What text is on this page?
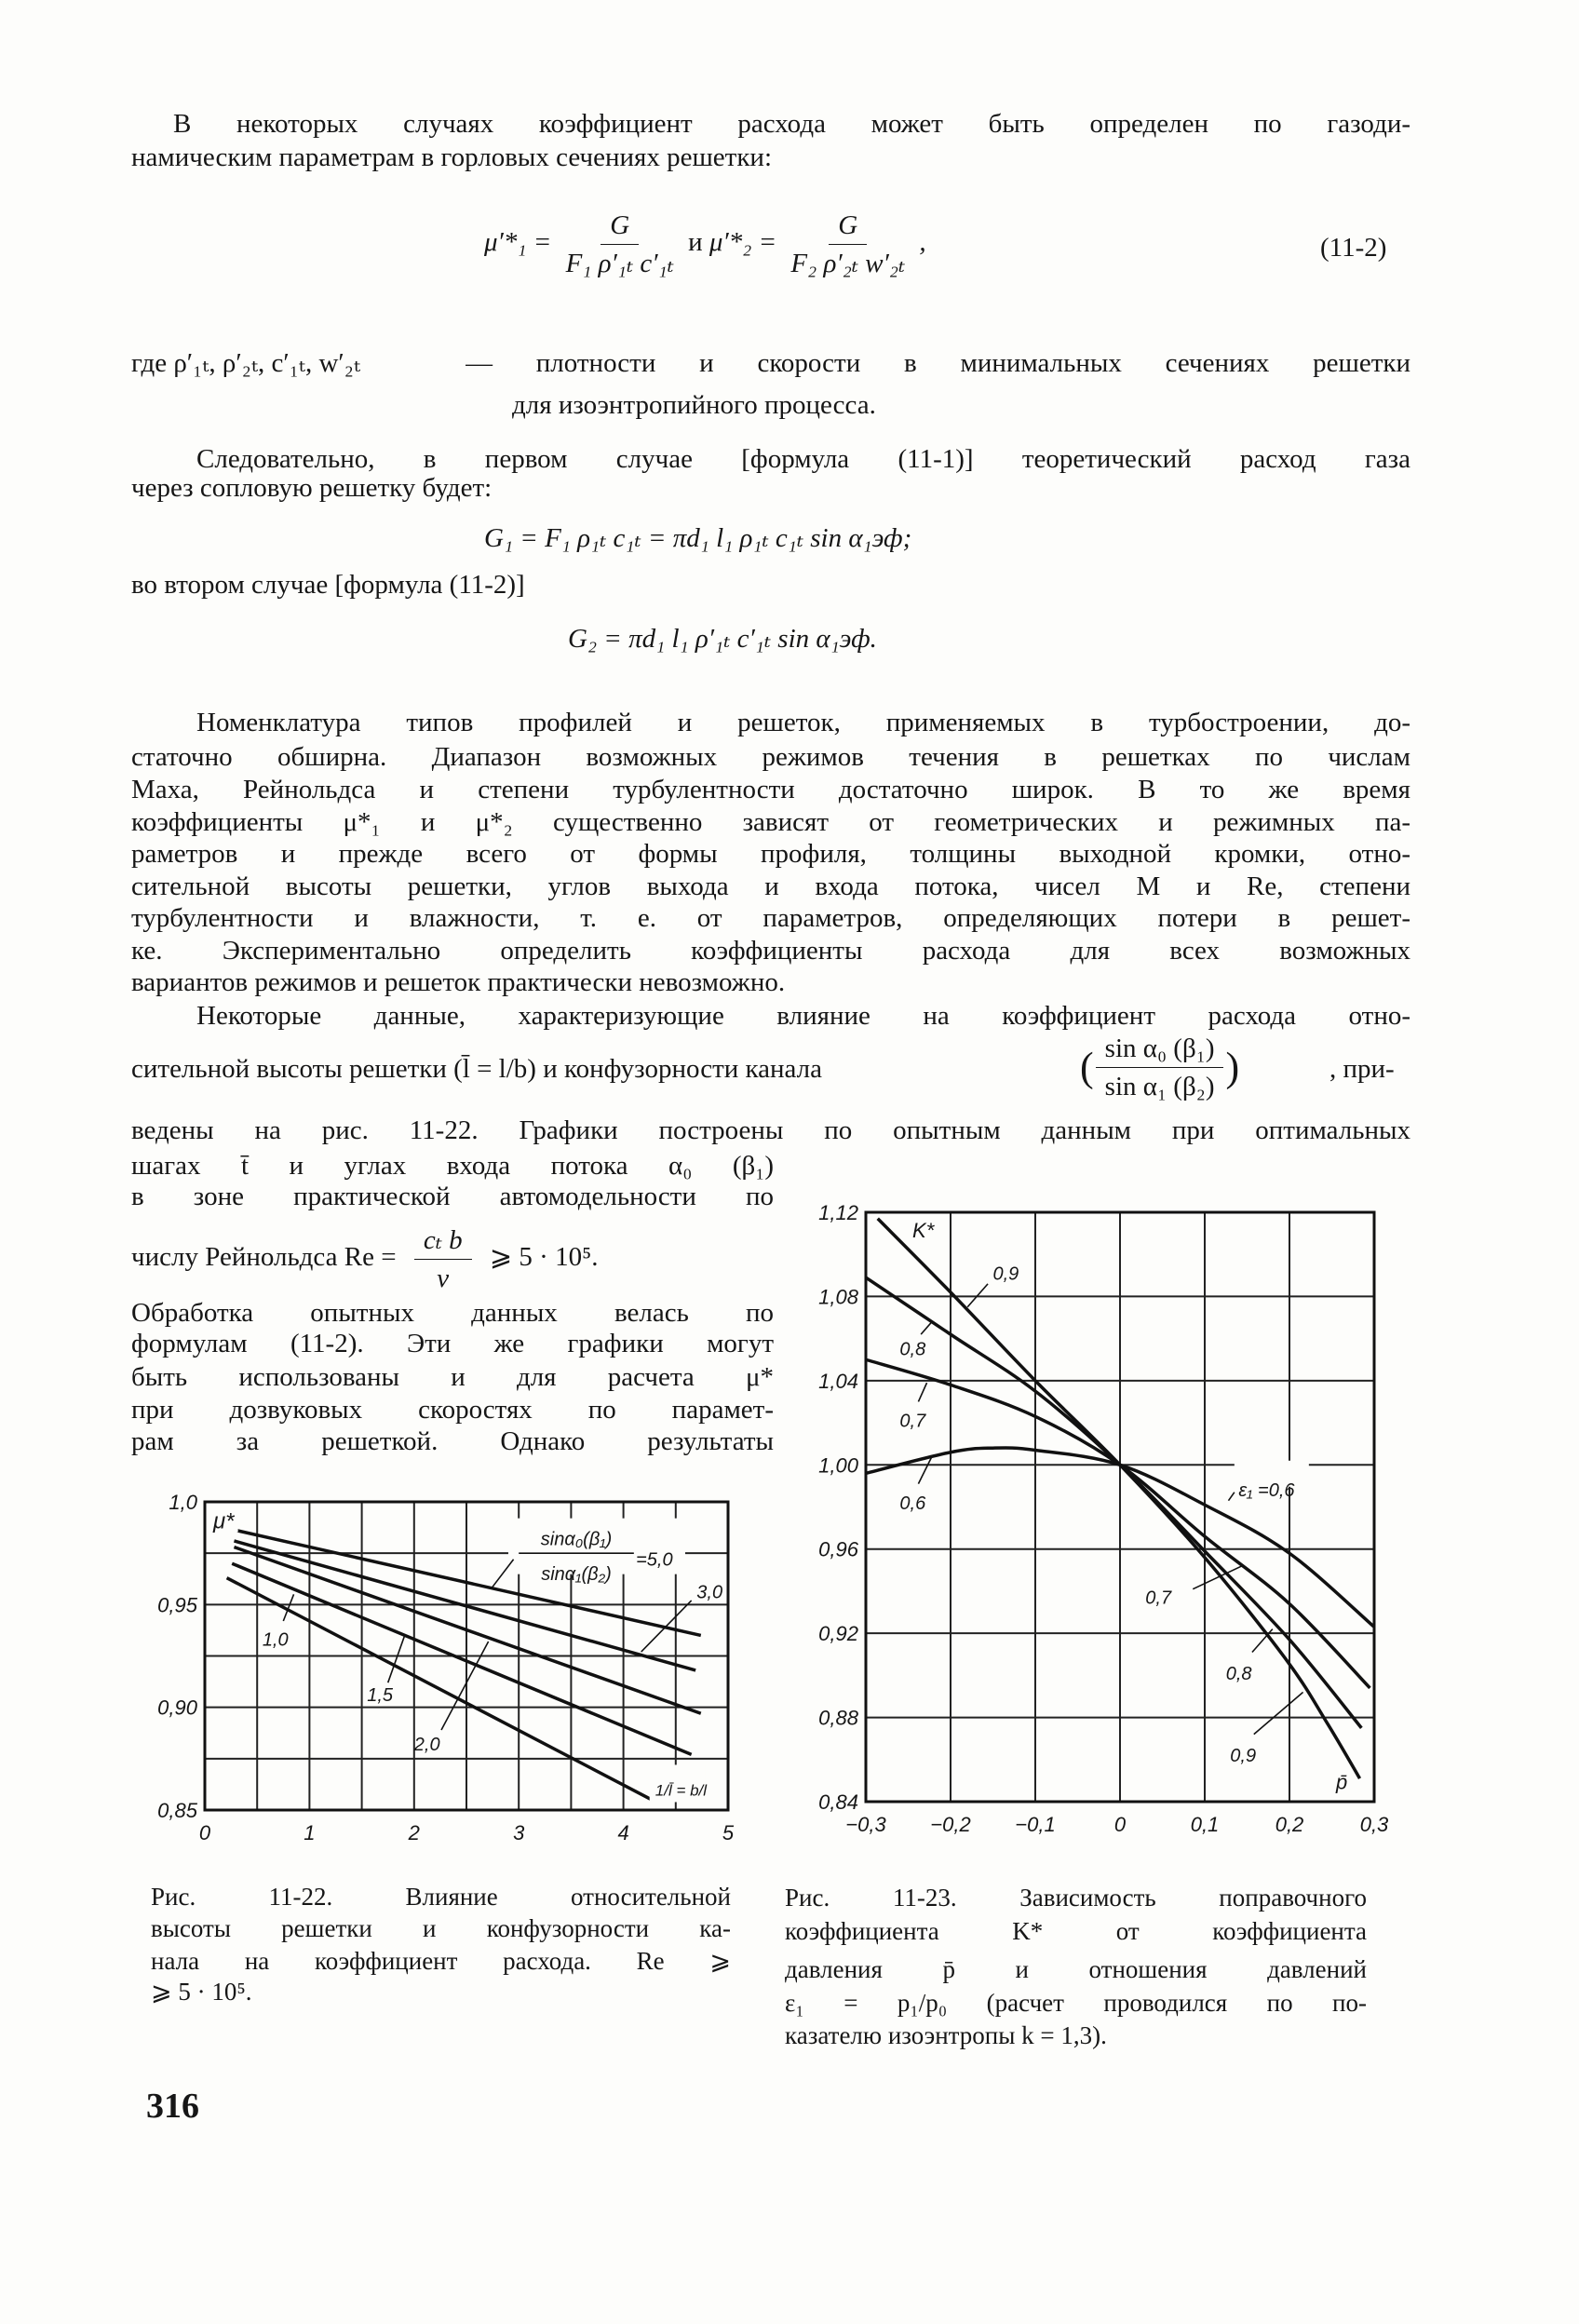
В некоторых случаях коэффициент расхода может быть определен по газоди-
намическим параметрам в горловых сечениях решетки:
$\mu'*_1 = \frac{G}{\text{F₁ ρ′₁ₜ c′₁ₜ}}$ и $\mu'*_2 = \frac{G}{\text{F₂ ρ′₂ₜ w′₂ₜ}}$ ,	(11-2)
где ρ′₁ₜ, ρ′₂ₜ, c′₁ₜ, w′₂ₜ	— плотности и скорости в минимальных сечениях решетки
для изоэнтропийного процесса.
Следовательно, в первом случае [формула (11-1)] теоретический расход газа
через сопловую решетку будет:
G₁ = F₁ ρ₁ₜ c₁ₜ = πd₁ l₁ ρ₁ₜ c₁ₜ sin α₁эф;
во втором случае [формула (11-2)]
G₂ = πd₁ l₁ ρ′₁ₜ c′₁ₜ sin α₁эф.
Номенклатура типов профилей и решеток, применяемых в турбостроении, до-
статочно обширна. Диапазон возможных режимов течения в решетках по числам
Маха, Рейнольдса и степени турбулентности достаточно широк. В то же время
коэффициенты μ*₁ и μ*₂ существенно зависят от геометрических и режимных па-
раметров и прежде всего от формы профиля, толщины выходной кромки, отно-
сительной высоты решетки, углов выхода и входа потока, чисел M и Re, степени
турбулентности и влажности, т. е. от параметров, определяющих потери в решет-
ке. Экспериментально определить коэффициенты расхода для всех возможных
вариантов режимов и решеток практически невозможно.
Некоторые данные, характеризующие влияние на коэффициент расхода отно-
сительной высоты решетки (l̄ = l/b) и конфузорности канала	( $\frac{\text{sin α₀ (β₁)}}{\text{sin α₁ (β₂)}}$ )	, при-
ведены на рис. 11-22. Графики построены по опытным данным при оптимальных
шагах t̄ и углах входа потока α₀ (β₁)
в зоне практической автомодельности по
числу Рейнольдса $Re = \frac{\text{cₜ b}}{\nu}$ ⩾ 5 · 10⁵.
Обработка опытных данных велась по
формулам (11-2). Эти же графики могут
быть использованы и для расчета μ*
при дозвуковых скоростях по парамет-
рам за решеткой. Однако результаты
0	1	2	3	4	5
1,0
0,95
0,90
0,85
μ*
sinα₀(β₁)
sinα₁(β₂)
=5,0
3,0
2,0
1,5
1,0
1/l̄ = b/l
−0,3 −0,2 −0,1	0	0,1	0,2	0,3
1,12
1,08
1,04
1,00
0,96
0,92
0,88
0,84
K*
0,9
0,8
0,7
0,6
ε₁ =0,6
0,7
0,8
0,9
p̄
Рис. 11-22. Влияние относительной
высоты решетки и конфузорности ка-
нала на коэффициент расхода. Re ⩾
⩾ 5 · 10⁵.
Рис. 11-23. Зависимость поправочного
коэффициента K* от коэффициента
давления p̄ и отношения давлений
ε₁ = p₁/p₀ (расчет проводился по по-
казателю изоэнтропы k = 1,3).
316
